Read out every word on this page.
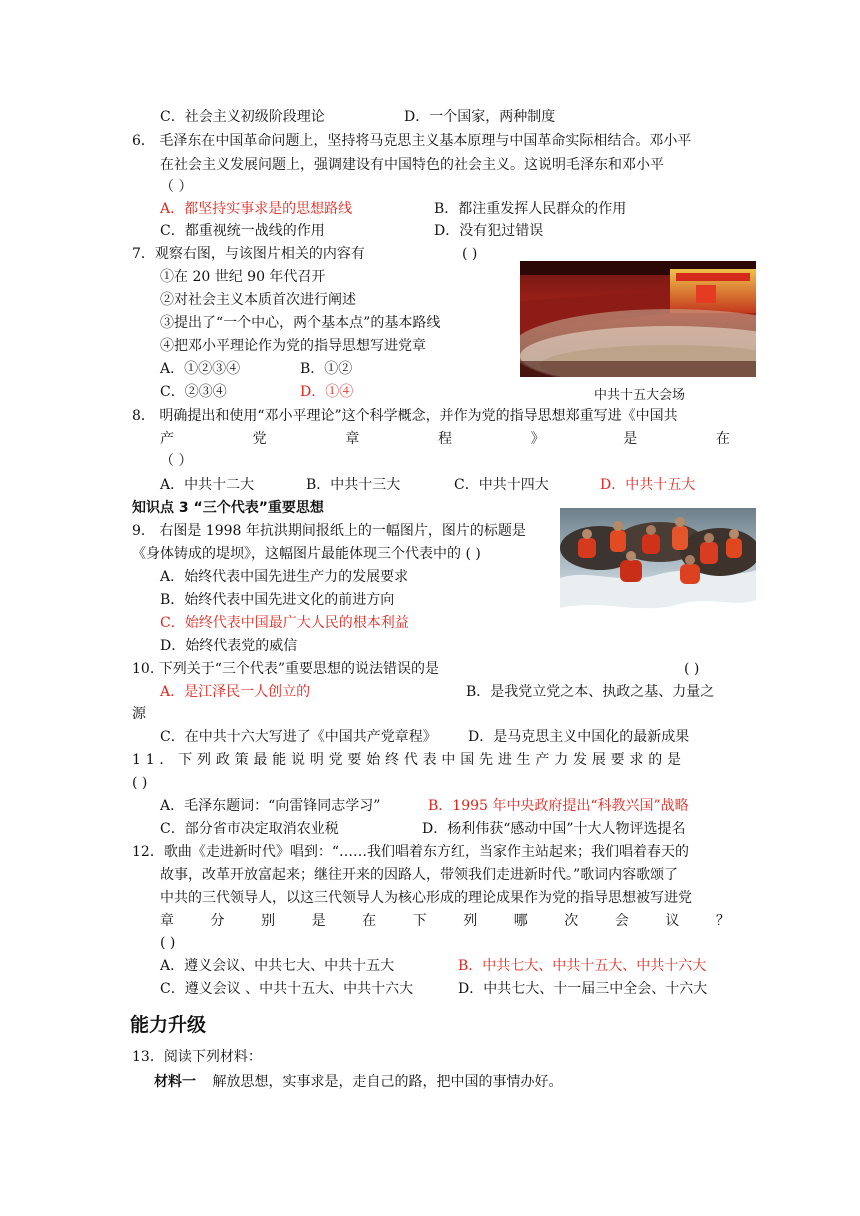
C．社会主义初级阶段理论	D．一个国家，两种制度
6． 毛泽东在中国革命问题上，坚持将马克思主义基本原理与中国革命实际相结合。邓小平
在社会主义发展问题上，强调建设有中国特色的社会主义。这说明毛泽东和邓小平
（ ）
A．都坚持实事求是的思想路线	B．都注重发挥人民群众的作用
C．都重视统一战线的作用	D．没有犯过错误
7．观察右图，与该图片相关的内容有	( )
①在 20 世纪 90 年代召开
②对社会主义本质首次进行阐述
③提出了“一个中心，两个基本点”的基本路线
④把邓小平理论作为党的指导思想写进党章
A．①②③④	B．①②
C．②③④	D．①④	中共十五大会场
8． 明确提出和使用“邓小平理论”这个科学概念，并作为党的指导思想郑重写进《中国共
产	党	章	程	》	是	在
（ ）
A．中共十二大	B．中共十三大	C．中共十四大	D．中共十五大
知识点 3 “三个代表”重要思想
9． 右图是 1998 年抗洪期间报纸上的一幅图片，图片的标题是
《身体铸成的堤坝》，这幅图片最能体现三个代表中的 ( )
A．始终代表中国先进生产力的发展要求
B．始终代表中国先进文化的前进方向
C．始终代表中国最广大人民的根本利益
D．始终代表党的威信
10. 下列关于“三个代表”重要思想的说法错误的是	( )
A．是江泽民一人创立的	B．是我党立党之本、执政之基、力量之
源
C．在中共十六大写进了《中国共产党章程》 D．是马克思主义中国化的最新成果
11．下列政策最能说明党要始终代表中国先进生产力发展要求的是
( )
A．毛泽东题词：“向雷锋同志学习”	B．1995 年中央政府提出“科教兴国”战略
C．部分省市决定取消农业税	D．杨利伟获“感动中国”十大人物评选提名
12．歌曲《走进新时代》唱到：“……我们唱着东方红，当家作主站起来；我们唱着春天的
故事，改革开放富起来；继往开来的因路人，带领我们走进新时代。”歌词内容歌颂了
中共的三代领导人，以这三代领导人为核心形成的理论成果作为党的指导思想被写进党
章	分	别	是	在	下	列	哪	次	会	议	？
( )
A．遵义会议、中共七大、中共十五大	B．中共七大、中共十五大、中共十六大
C．遵义会议 、中共十五大、中共十六大	D．中共七大、十一届三中全会、十六大
能力升级
13．阅读下列材料：
材料一 解放思想，实事求是，走自己的路，把中国的事情办好。
